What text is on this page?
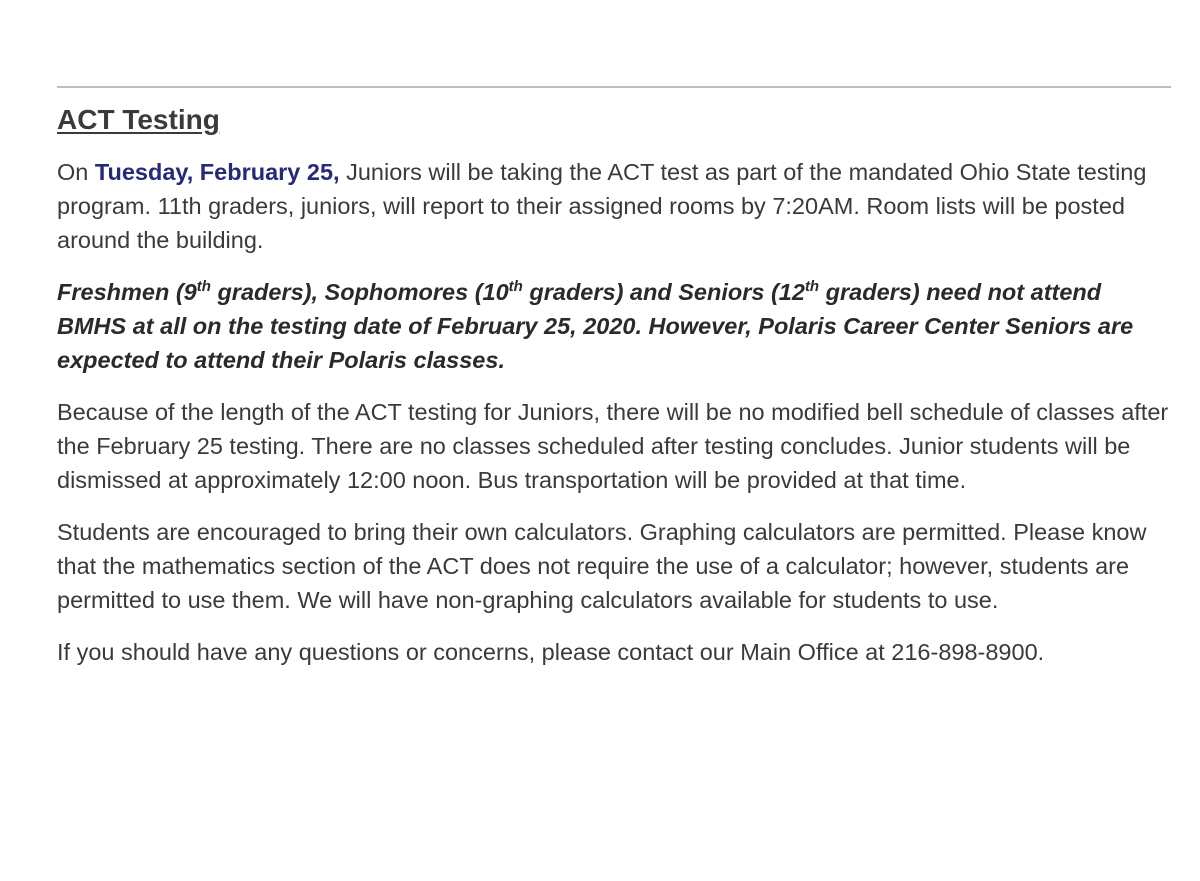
ACT Testing

On Tuesday, February 25, Juniors will be taking the ACT test as part of the mandated Ohio State testing program. 11th graders, juniors, will report to their assigned rooms by 7:20AM. Room lists will be posted around the building.

Freshmen (9th graders), Sophomores (10th graders) and Seniors (12th graders) need not attend BMHS at all on the testing date of February 25, 2020. However, Polaris Career Center Seniors are expected to attend their Polaris classes.

Because of the length of the ACT testing for Juniors, there will be no modified bell schedule of classes after the February 25 testing. There are no classes scheduled after testing concludes. Junior students will be dismissed at approximately 12:00 noon. Bus transportation will be provided at that time.

Students are encouraged to bring their own calculators. Graphing calculators are permitted. Please know that the mathematics section of the ACT does not require the use of a calculator; however, students are permitted to use them. We will have non-graphing calculators available for students to use.

If you should have any questions or concerns, please contact our Main Office at 216-898-8900.
